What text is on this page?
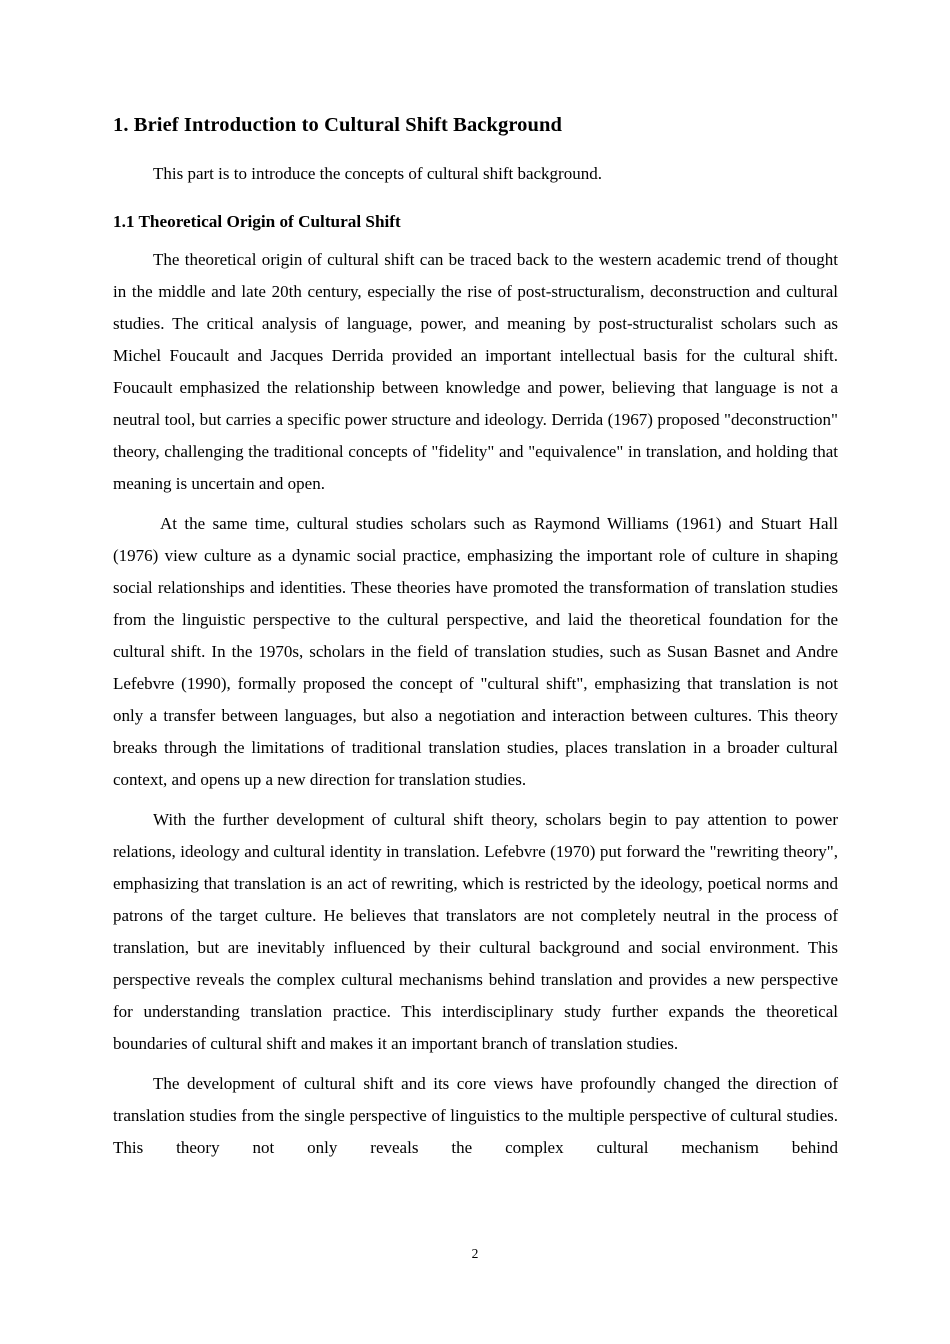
1. Brief Introduction to Cultural Shift Background

This part is to introduce the concepts of cultural shift background.

1.1 Theoretical Origin of Cultural Shift

The theoretical origin of cultural shift can be traced back to the western academic trend of thought in the middle and late 20th century, especially the rise of post-structuralism, deconstruction and cultural studies. The critical analysis of language, power, and meaning by post-structuralist scholars such as Michel Foucault and Jacques Derrida provided an important intellectual basis for the cultural shift. Foucault emphasized the relationship between knowledge and power, believing that language is not a neutral tool, but carries a specific power structure and ideology. Derrida (1967) proposed "deconstruction" theory, challenging the traditional concepts of "fidelity" and "equivalence" in translation, and holding that meaning is uncertain and open.

At the same time, cultural studies scholars such as Raymond Williams (1961) and Stuart Hall (1976) view culture as a dynamic social practice, emphasizing the important role of culture in shaping social relationships and identities. These theories have promoted the transformation of translation studies from the linguistic perspective to the cultural perspective, and laid the theoretical foundation for the cultural shift. In the 1970s, scholars in the field of translation studies, such as Susan Basnet and Andre Lefebvre (1990), formally proposed the concept of "cultural shift", emphasizing that translation is not only a transfer between languages, but also a negotiation and interaction between cultures. This theory breaks through the limitations of traditional translation studies, places translation in a broader cultural context, and opens up a new direction for translation studies.

With the further development of cultural shift theory, scholars begin to pay attention to power relations, ideology and cultural identity in translation. Lefebvre (1970) put forward the "rewriting theory", emphasizing that translation is an act of rewriting, which is restricted by the ideology, poetical norms and patrons of the target culture. He believes that translators are not completely neutral in the process of translation, but are inevitably influenced by their cultural background and social environment. This perspective reveals the complex cultural mechanisms behind translation and provides a new perspective for understanding translation practice. This interdisciplinary study further expands the theoretical boundaries of cultural shift and makes it an important branch of translation studies.

The development of cultural shift and its core views have profoundly changed the direction of translation studies from the single perspective of linguistics to the multiple perspective of cultural studies. This theory not only reveals the complex cultural mechanism behind

2
